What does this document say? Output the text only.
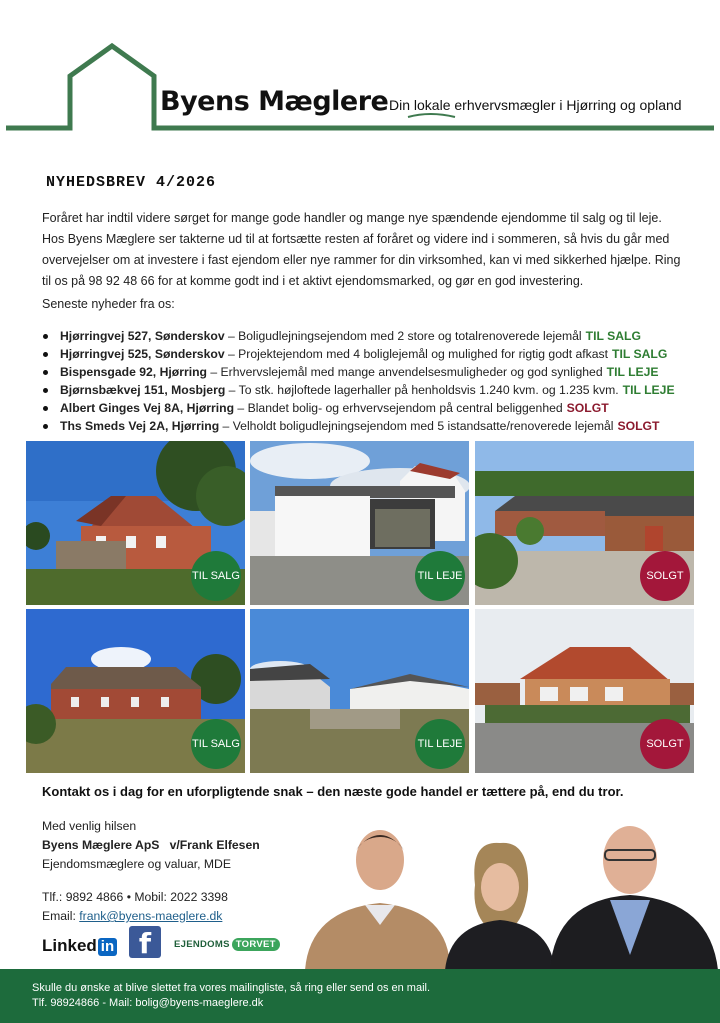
Byens Mæglere Din lokale erhvervsmægler i Hjørring og opland
NYHEDSBREV 4/2026

Foråret har indtil videre sørget for mange gode handler og mange nye spændende ejendomme til salg og til leje. Hos Byens Mæglere ser takterne ud til at fortsætte resten af foråret og videre ind i sommeren, så hvis du går med overvejelser om at investere i fast ejendom eller nye rammer for din virksomhed, kan vi med sikkerhed hjælpe. Ring til os på 98 92 48 66 for at komme godt ind i et aktivt ejendomsmarked, og gør en god investering.

Seneste nyheder fra os:
Hjørringvej 527, Sønderskov – Boligudlejningsejendom med 2 store og totalrenoverede lejemål TIL SALG
Hjørringvej 525, Sønderskov – Projektejendom med 4 boliglejemål og mulighed for rigtig godt afkast TIL SALG
Bispensgade 92, Hjørring – Erhvervslejemål med mange anvendelsesmuligheder og god synlighed TIL LEJE
Bjørnsbækvej 151, Mosbjerg – To stk. højloftede lagerhaller på henholdsvis 1.240 kvm. og 1.235 kvm. TIL LEJE
Albert Ginges Vej 8A, Hjørring – Blandet bolig- og erhvervsejendom på central beliggenhed SOLGT
Ths Smeds Vej 2A, Hjørring – Velholdt boligudlejningsejendom med 5 istandsatte/renoverede lejemål SOLGT
TIL SALG	TIL LEJE	SOLGT
TIL SALG	TIL LEJE	SOLGT
Kontakt os i dag for en uforpligtende snak – den næste gode handel er tættere på, end du tror.
Med venlig hilsen
Byens Mæglere ApS v/Frank Elfesen
Ejendomsmæglere og valuar, MDE
Tlf.: 9892 4866 • Mobil: 2022 3398
Email: frank@byens-maeglere.dk
Linked in f	EJENDOMS TORVET
Skulle du ønske at blive slettet fra vores mailingliste, så ring eller send os en mail.
Tlf. 98924866 - Mail: bolig@byens-maeglere.dk
